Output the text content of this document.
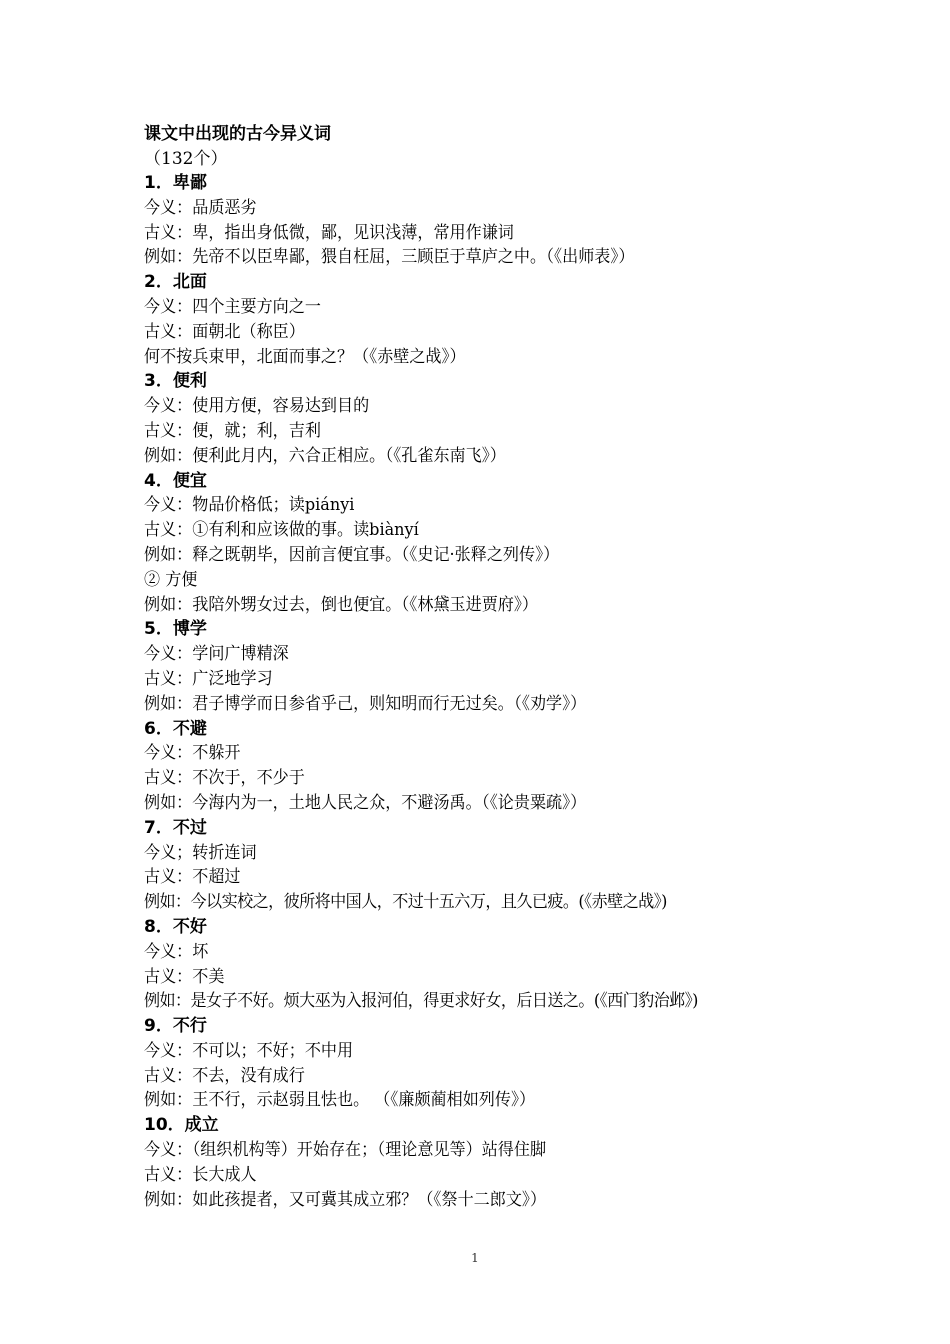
课文中出现的古今异义词
（132个）
1．卑鄙
今义：品质恶劣
古义：卑，指出身低微，鄙，见识浅薄，常用作谦词
例如：先帝不以臣卑鄙，猥自枉屈，三顾臣于草庐之中。（《出师表》）
2．北面
今义：四个主要方向之一
古义：面朝北（称臣）
何不按兵束甲，北面而事之？（《赤壁之战》）
3．便利
今义：使用方便，容易达到目的
古义：便，就；利，吉利
例如：便利此月内，六合正相应。（《孔雀东南飞》）
4．便宜
今义：物品价格低；读piányi
古义：①有利和应该做的事。读biànyí
例如：释之既朝毕，因前言便宜事。（《史记·张释之列传》）
② 方便
例如：我陪外甥女过去，倒也便宜。（《林黛玉进贾府》）
5．博学
今义：学问广博精深
古义：广泛地学习
例如：君子博学而日参省乎己，则知明而行无过矣。（《劝学》）
6．不避
今义：不躲开
古义：不次于，不少于
例如：今海内为一，土地人民之众，不避汤禹。（《论贵粟疏》）
7．不过
今义；转折连词
古义：不超过
例如：今以实校之，彼所将中国人，不过十五六万，且久已疲。(《赤壁之战》)
8．不好
今义：坏
古义：不美
例如：是女子不好。烦大巫为入报河伯，得更求好女，后日送之。(《西门豹治邺》)
9．不行
今义：不可以；不好；不中用
古义：不去，没有成行
例如：王不行，示赵弱且怯也。 （《廉颇蔺相如列传》）
10．成立
今义：（组织机构等）开始存在；（理论意见等）站得住脚
古义：长大成人
例如：如此孩提者，又可冀其成立邪？（《祭十二郎文》）
1
